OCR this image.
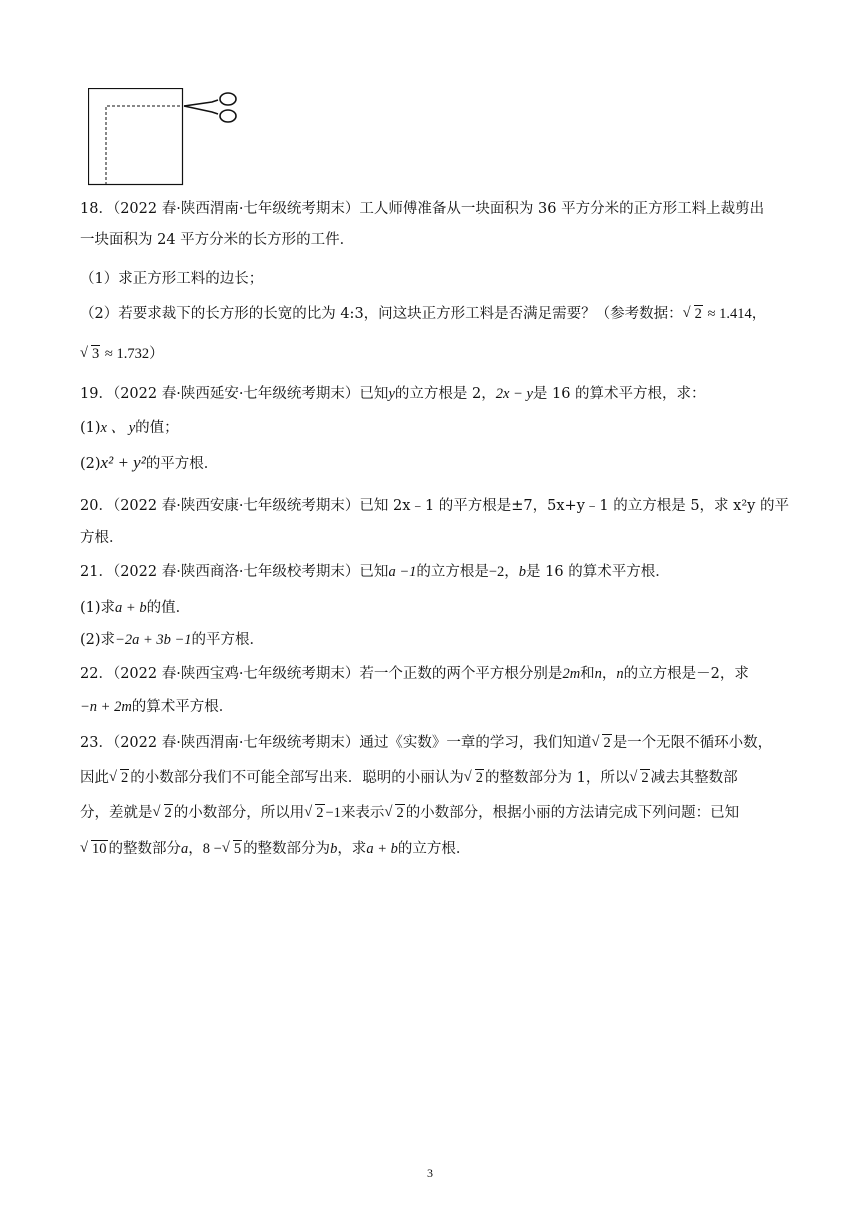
18．（2022 春·陕西渭南·七年级统考期末）工人师傅准备从一块面积为 36 平方分米的正方形工料上裁剪出
一块面积为 24 平方分米的长方形的工件．
（1）求正方形工料的边长；
（2）若要求裁下的长方形的长宽的比为 4:3，问这块正方形工料是否满足需要？（参考数据： √ 2 ≈ 1.414，
√ 3 ≈ 1.732）
19．（2022 春·陕西延安·七年级统考期末）已知y的立方根是 2，2x − y是 16 的算术平方根，求：
(1)x 、 y的值；
(2)x² + y²的平方根．
20．（2022 春·陕西安康·七年级统考期末）已知 2x﹣1 的平方根是±7，5x+y﹣1 的立方根是 5，求 x²y 的平
方根．
21．（2022 春·陕西商洛·七年级校考期末）已知a −1的立方根是−2，b是 16 的算术平方根．
(1)求a + b的值．
(2)求−2a + 3b −1的平方根．
22．（2022 春·陕西宝鸡·七年级统考期末）若一个正数的两个平方根分别是2m和n，n的立方根是－2，求
−n + 2m的算术平方根．
23．（2022 春·陕西渭南·七年级统考期末）通过《实数》一章的学习，我们知道 √ 2 是一个无限不循环小数，
因此 √ 2 的小数部分我们不可能全部写出来．聪明的小丽认为 √ 2 的整数部分为 1，所以 √ 2 减去其整数部
分，差就是 √ 2 的小数部分，所以用 √ 2 −1来表示 √ 2 的小数部分，根据小丽的方法请完成下列问题：已知
√ 10 的整数部分a，8 − √ 5 的整数部分为b，求a + b的立方根．
3
